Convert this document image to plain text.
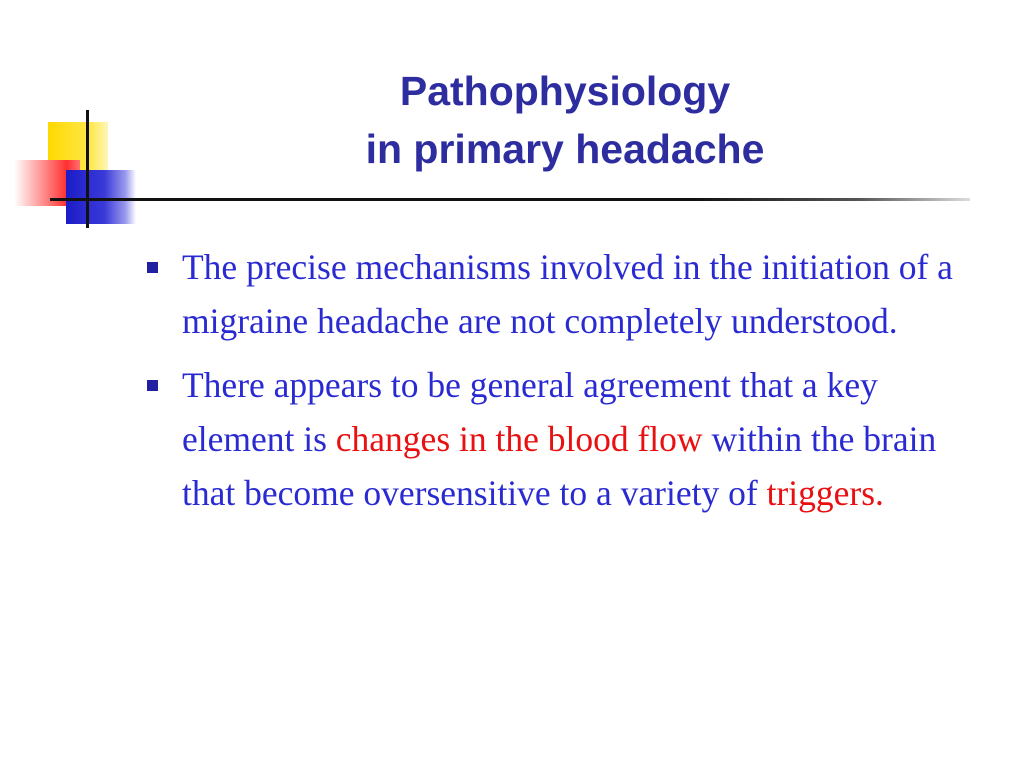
Pathophysiology
in primary headache
The precise mechanisms involved in the initiation of a migraine headache are not completely understood.
There appears to be general agreement that a key element is changes in the blood flow within the brain that become oversensitive to a variety of triggers.
